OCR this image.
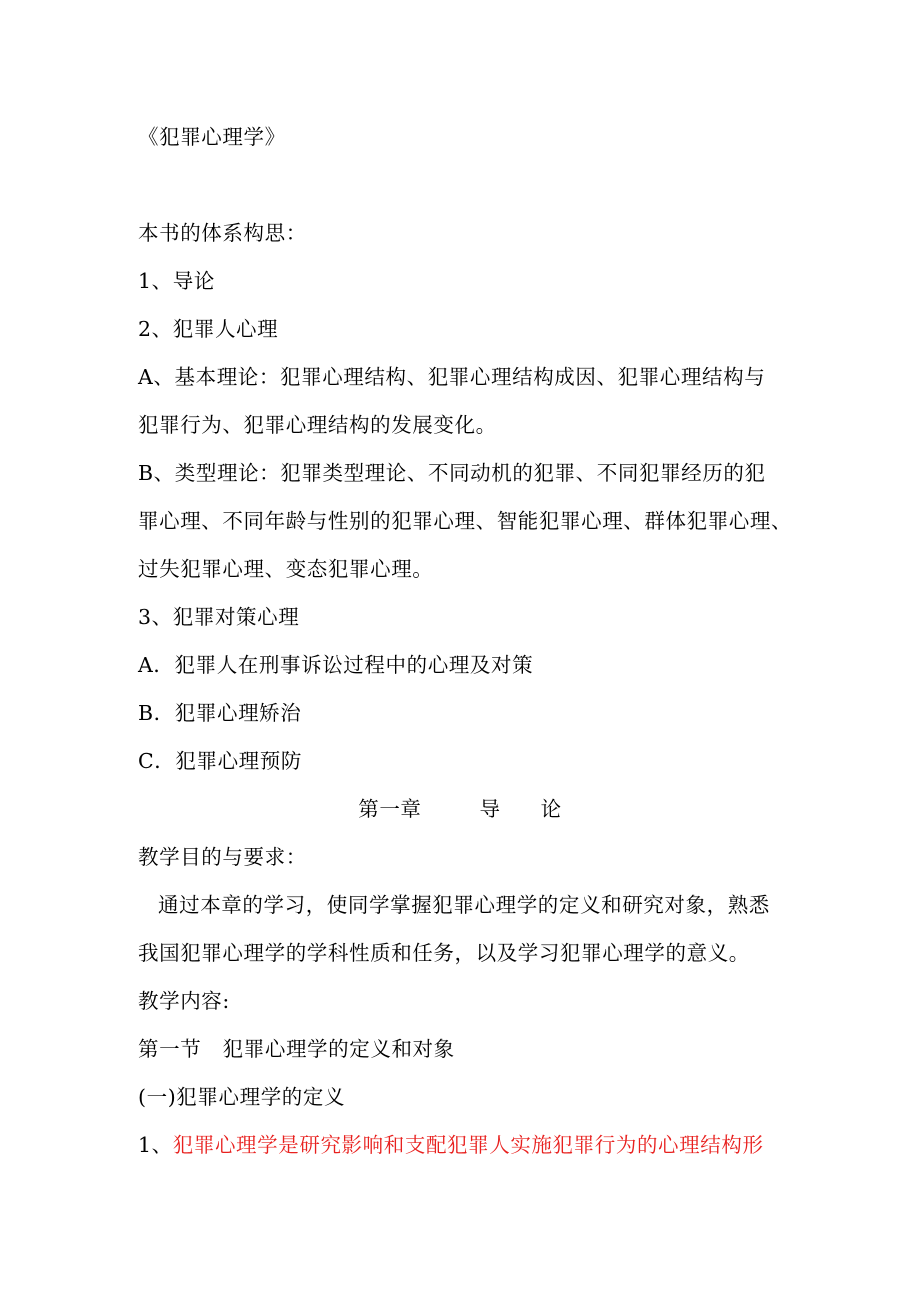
《犯罪心理学》
本书的体系构思：
1、导论
2、犯罪人心理
A、基本理论：犯罪心理结构、犯罪心理结构成因、犯罪心理结构与
犯罪行为、犯罪心理结构的发展变化。
B、类型理论：犯罪类型理论、不同动机的犯罪、不同犯罪经历的犯
罪心理、不同年龄与性别的犯罪心理、智能犯罪心理、群体犯罪心理、
过失犯罪心理、变态犯罪心理。
3、犯罪对策心理
A．犯罪人在刑事诉讼过程中的心理及对策
B．犯罪心理矫治
C．犯罪心理预防
第一章	导 论
教学目的与要求：
通过本章的学习，使同学掌握犯罪心理学的定义和研究对象，熟悉
我国犯罪心理学的学科性质和任务，以及学习犯罪心理学的意义。
教学内容:
第一节   犯罪心理学的定义和对象
(一)犯罪心理学的定义
1、犯罪心理学是研究影响和支配犯罪人实施犯罪行为的心理结构形
